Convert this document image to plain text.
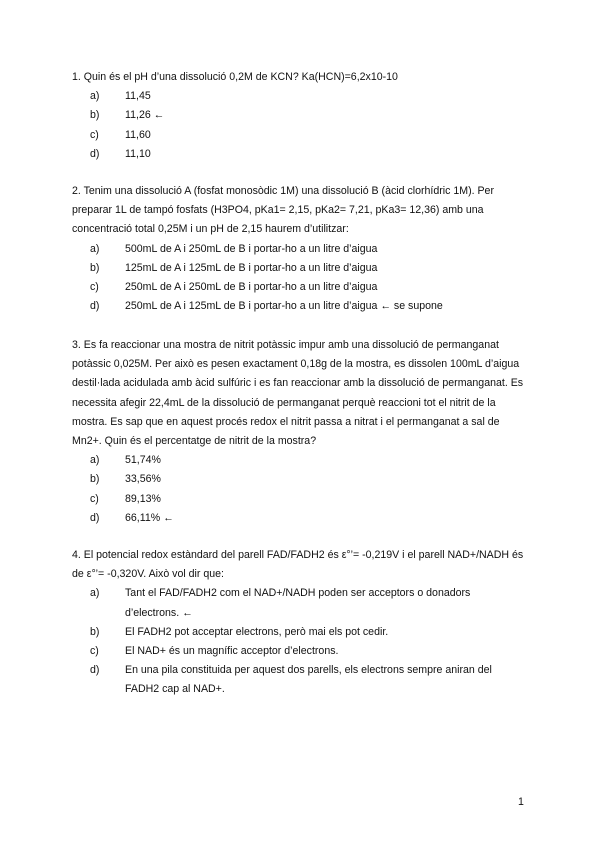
1. Quin és el pH d’una dissolució 0,2M de KCN? Ka(HCN)=6,2x10-10

a)	11,45
b)	11,26 ←
c)	11,60
d)	11,10

2. Tenim una dissolució A (fosfat monosòdic 1M) una dissolució B (àcid clorhídric 1M). Per preparar 1L de tampó fosfats (H3PO4, pKa1= 2,15, pKa2= 7,21, pKa3= 12,36) amb una concentració total 0,25M i un pH de 2,15 haurem d’utilitzar:

a)	500mL de A i 250mL de B i portar-ho a un litre d’aigua
b)	125mL de A i 125mL de B i portar-ho a un litre d’aigua
c)	250mL de A i 250mL de B i portar-ho a un litre d’aigua
d)	250mL de A i 125mL de B i portar-ho a un litre d’aigua ← se supone

3. Es fa reaccionar una mostra de nitrit potàssic impur amb una dissolució de permanganat potàssic 0,025M. Per això es pesen exactament 0,18g de la mostra, es dissolen 100mL d’aigua destil·lada acidulada amb àcid sulfúric i es fan reaccionar amb la dissolució de permanganat. Es necessita afegir 22,4mL de la dissolució de permanganat perquè reaccioni tot el nitrit de la mostra. Es sap que en aquest procés redox el nitrit passa a nitrat i el permanganat a sal de Mn2+. Quin és el percentatge de nitrit de la mostra?

a)	51,74%
b)	33,56%
c)	89,13%
d)	66,11% ←

4. El potencial redox estàndard del parell FAD/FADH2 és ε°’= -0,219V i el parell NAD+/NADH és de ε°’= -0,320V. Això vol dir que:

a)	Tant el FAD/FADH2 com el NAD+/NADH poden ser acceptors o donadors d’electrons. ←
b)	El FADH2 pot acceptar electrons, però mai els pot cedir.
c)	El NAD+ és un magnífic acceptor d’electrons.
d)	En una pila constituida per aquest dos parells, els electrons sempre aniran del FADH2 cap al NAD+.
1
